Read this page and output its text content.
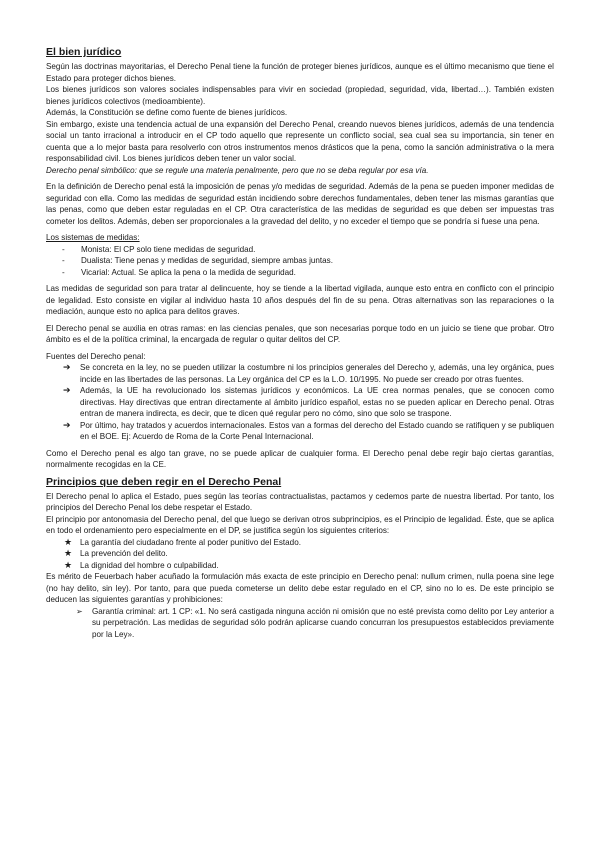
El bien jurídico

Según las doctrinas mayoritarias, el Derecho Penal tiene la función de proteger bienes jurídicos, aunque es el último mecanismo que tiene el Estado para proteger dichos bienes.

Los bienes jurídicos son valores sociales indispensables para vivir en sociedad (propiedad, seguridad, vida, libertad…). También existen bienes jurídicos colectivos (medioambiente).

Además, la Constitución se define como fuente de bienes jurídicos.

Sin embargo, existe una tendencia actual de una expansión del Derecho Penal, creando nuevos bienes jurídicos, además de una tendencia social un tanto irracional a introducir en el CP todo aquello que represente un conflicto social, sea cual sea su importancia, sin tener en cuenta que a lo mejor basta para resolverlo con otros instrumentos menos drásticos que la pena, como la sanción administrativa o la mera responsabilidad civil. Los bienes jurídicos deben tener un valor social.

Derecho penal simbólico: que se regule una materia penalmente, pero que no se deba regular por esa vía.

En la definición de Derecho penal está la imposición de penas y/o medidas de seguridad. Además de la pena se pueden imponer medidas de seguridad con ella. Como las medidas de seguridad están incidiendo sobre derechos fundamentales, deben tener las mismas garantías que las penas, como que deben estar reguladas en el CP. Otra característica de las medidas de seguridad es que deben ser impuestas tras cometer los delitos. Además, deben ser proporcionales a la gravedad del delito, y no exceder el tiempo que se pondría si fuese una pena.

Los sistemas de medidas:

- Monista: El CP solo tiene medidas de seguridad.
- Dualista: Tiene penas y medidas de seguridad, siempre ambas juntas.
- Vicarial: Actual. Se aplica la pena o la medida de seguridad.

Las medidas de seguridad son para tratar al delincuente, hoy se tiende a la libertad vigilada, aunque esto entra en conflicto con el principio de legalidad. Esto consiste en vigilar al individuo hasta 10 años después del fin de su pena. Otras alternativas son las reparaciones o la mediación, aunque esto no aplica para delitos graves.

El Derecho penal se auxilia en otras ramas: en las ciencias penales, que son necesarias porque todo en un juicio se tiene que probar. Otro ámbito es el de la política criminal, la encargada de regular o quitar delitos del CP.

Fuentes del Derecho penal:

➔ Se concreta en la ley, no se pueden utilizar la costumbre ni los principios generales del Derecho y, además, una ley orgánica, pues incide en las libertades de las personas. La Ley orgánica del CP es la L.O. 10/1995. No puede ser creado por otras fuentes.
➔ Además, la UE ha revolucionado los sistemas jurídicos y económicos. La UE crea normas penales, que se conocen como directivas. Hay directivas que entran directamente al ámbito jurídico español, estas no se pueden aplicar en Derecho penal. Otras entran de manera indirecta, es decir, que te dicen qué regular pero no cómo, sino que solo se traspone.
➔ Por último, hay tratados y acuerdos internacionales. Estos van a formas del derecho del Estado cuando se ratifiquen y se publiquen en el BOE. Ej: Acuerdo de Roma de la Corte Penal Internacional.

Como el Derecho penal es algo tan grave, no se puede aplicar de cualquier forma. El Derecho penal debe regir bajo ciertas garantías, normalmente recogidas en la CE.

Principios que deben regir en el Derecho Penal

El Derecho penal lo aplica el Estado, pues según las teorías contractualistas, pactamos y cedemos parte de nuestra libertad. Por tanto, los principios del Derecho Penal los debe respetar el Estado.

El principio por antonomasia del Derecho penal, del que luego se derivan otros subprincipios, es el Principio de legalidad. Éste, que se aplica en todo el ordenamiento pero especialmente en el DP, se justifica según los siguientes criterios:

★ La garantía del ciudadano frente al poder punitivo del Estado.
★ La prevención del delito.
★ La dignidad del hombre o culpabilidad.

Es mérito de Feuerbach haber acuñado la formulación más exacta de este principio en Derecho penal: nullum crimen, nulla poena sine lege (no hay delito, sin ley). Por tanto, para que pueda cometerse un delito debe estar regulado en el CP, sino no lo es. De este principio se deducen las siguientes garantías y prohibiciones:

➢ Garantía criminal: art. 1 CP: «1. No será castigada ninguna acción ni omisión que no esté prevista como delito por Ley anterior a su perpetración. Las medidas de seguridad sólo podrán aplicarse cuando concurran los presupuestos establecidos previamente por la Ley».
